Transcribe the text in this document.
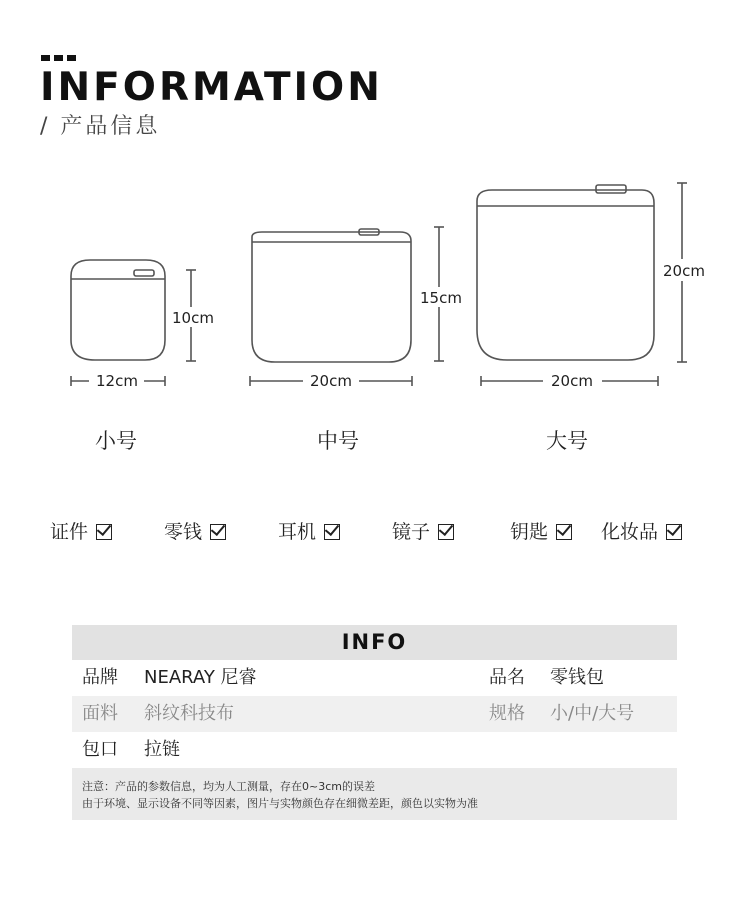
INFORMATION
/ 产品信息
10cm
15cm
20cm
12cm	20cm	20cm
小号	中号	大号
证件	零钱	耳机	镜子	钥匙	化妆品
INFO
品牌 NEARAY 尼睿	品名 零钱包
面料 斜纹科技布	规格 小/中/大号
包口 拉链
注意：产品的参数信息，均为人工测量，存在0~3cm的误差
由于环境、显示设备不同等因素，图片与实物颜色存在细微差距，颜色以实物为准
